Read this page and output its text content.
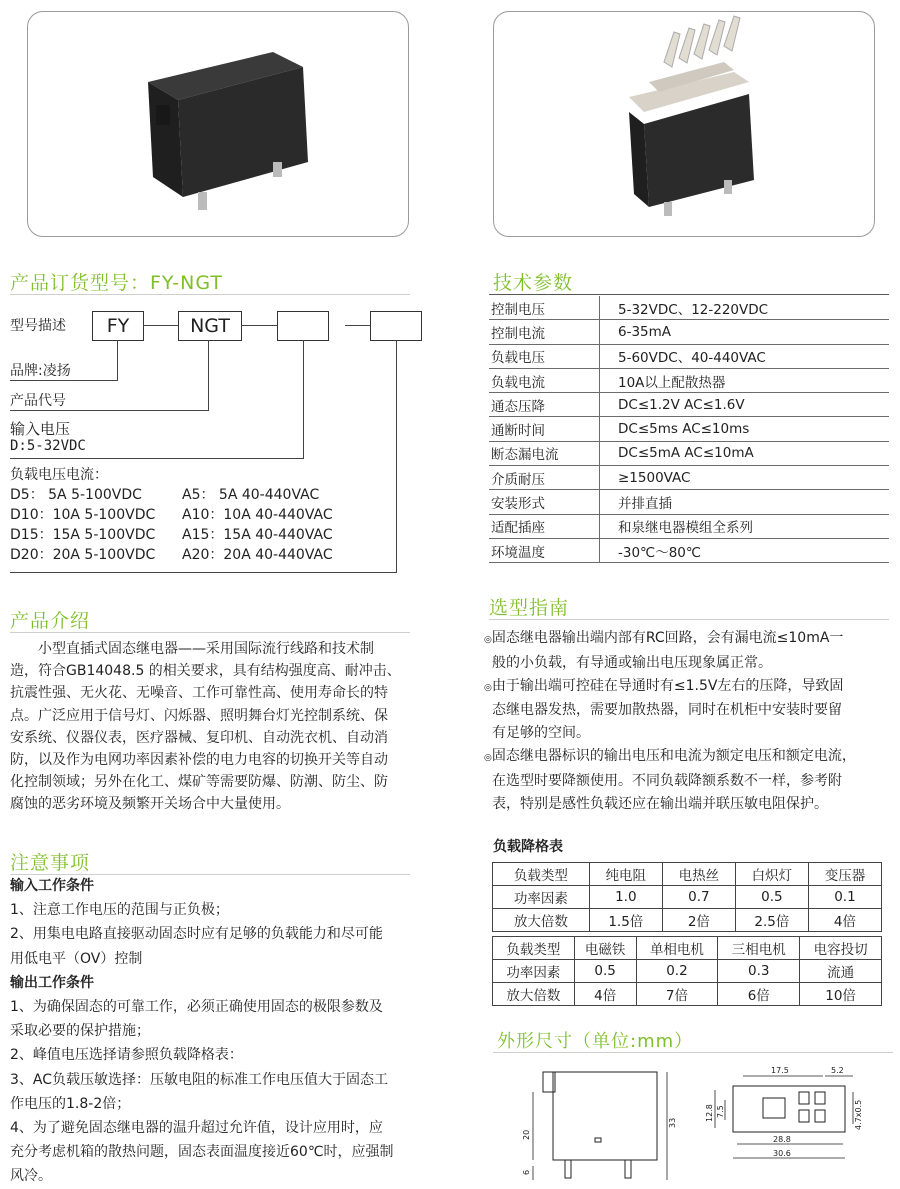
产品订货型号：FY-NGT
型号描述	FY	NGT
品牌:凌扬
产品代号
输入电压
D:5-32VDC
负载电压电流：
D5： 5A 5-100VDC	A5： 5A 40-440VAC
D10：10A 5-100VDC A10：10A 40-440VAC
D15：15A 5-100VDC A15：15A 40-440VAC
D20：20A 5-100VDC A20：20A 40-440VAC
技术参数
控制电压	5-32VDC、12-220VDC
控制电流	6-35mA
负载电压	5-60VDC、40-440VAC
负载电流	10A以上配散热器
通态压降	DC≤1.2V AC≤1.6V
通断时间	DC≤5ms AC≤10ms
断态漏电流	DC≤5mA AC≤10mA
介质耐压	≥1500VAC
安装形式	并排直插
适配插座	和泉继电器模组全系列
环境温度	-30℃～80℃
产品介绍
小型直插式固态继电器——采用国际流行线路和技术制
造，符合GB14048.5 的相关要求，具有结构强度高、耐冲击、
抗震性强、无火花、无噪音、工作可靠性高、使用寿命长的特
点。广泛应用于信号灯、闪烁器、照明舞台灯光控制系统、保
安系统、仪器仪表，医疗器械、复印机、自动洗衣机、自动消
防，以及作为电网功率因素补偿的电力电容的切换开关等自动
化控制领域；另外在化工、煤矿等需要防爆、防潮、防尘、防
腐蚀的恶劣环境及频繁开关场合中大量使用。
选型指南
◎固态继电器输出端内部有RC回路，会有漏电流≤10mA一
般的小负载，有导通或输出电压现象属正常。
◎由于输出端可控硅在导通时有≤1.5V左右的压降，导致固
态继电器发热，需要加散热器，同时在机柜中安装时要留
有足够的空间。
◎固态继电器标识的输出电压和电流为额定电压和额定电流，
在选型时要降额使用。不同负载降额系数不一样，参考附
表，特别是感性负载还应在输出端并联压敏电阻保护。
注意事项
输入工作条件
1、注意工作电压的范围与正负极；
2、用集电电路直接驱动固态时应有足够的负载能力和尽可能
用低电平（OV）控制
输出工作条件
1、为确保固态的可靠工作，必须正确使用固态的极限参数及
采取必要的保护措施；
2、峰值电压选择请参照负载降格表：
3、AC负载压敏选择：压敏电阻的标准工作电压值大于固态工
作电压的1.8-2倍；
4、为了避免固态继电器的温升超过允许值，设计应用时，应
充分考虑机箱的散热问题，固态表面温度接近60℃时，应强制
风冷。
负载降格表
负载类型	纯电阻	电热丝	白炽灯	变压器
功率因素	1.0	0.7	0.5	0.1
放大倍数	1.5倍	2倍	2.5倍	4倍
负载类型	电磁铁	单相电机	三相电机	电容投切
功率因素	0.5	0.2	0.3	流通
放大倍数	4倍	7倍	6倍	10倍
外形尺寸（单位:mm）
20
6
33
17.5	5.2
12.8 7.5	4.7x0.5
28.8
30.6
